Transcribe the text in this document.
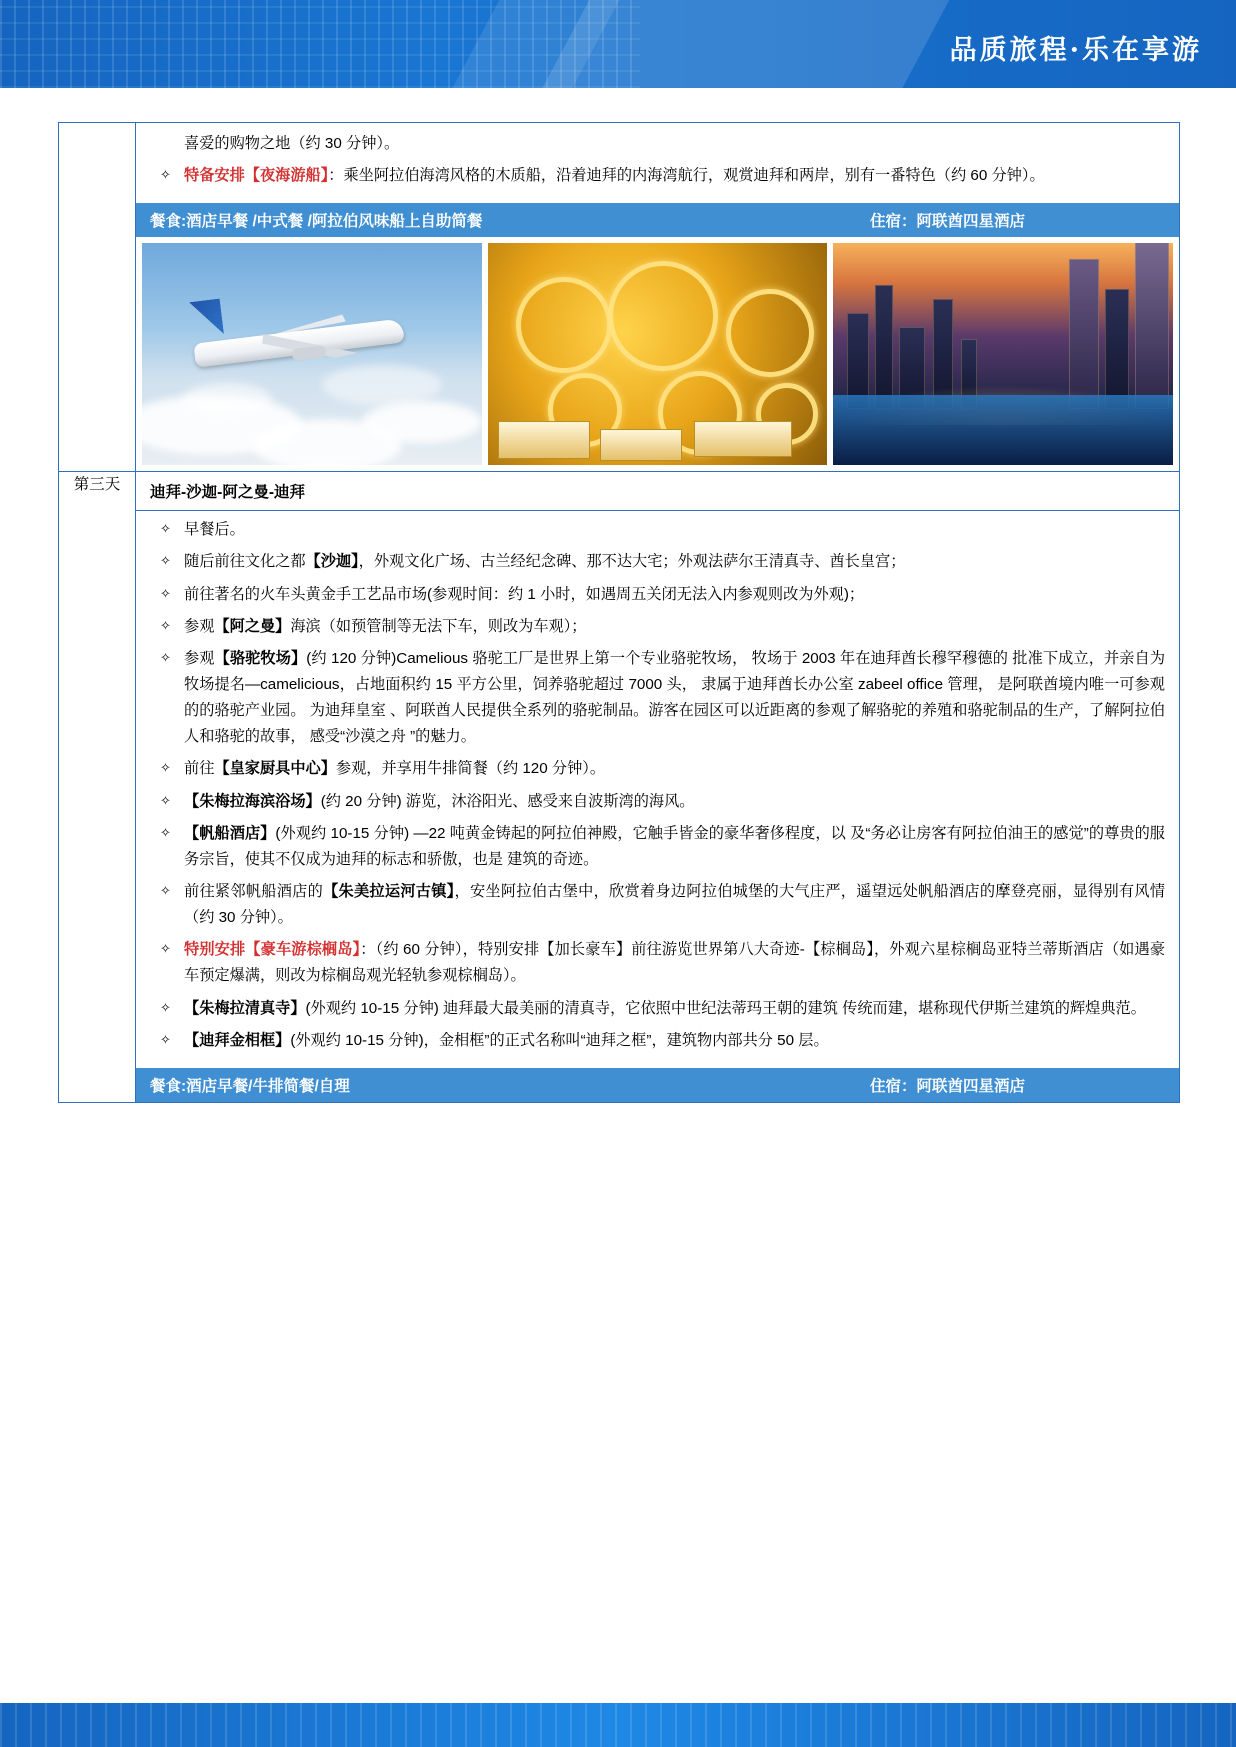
品质旅程·乐在享游

喜爱的购物之地（约 30 分钟）。
✧ 特备安排【夜海游船】：乘坐阿拉伯海湾风格的木质船，沿着迪拜的内海湾航行，观赏迪拜和两岸，别有一番特色（约 60 分钟）。
餐食:酒店早餐 /中式餐 /阿拉伯风味船上自助简餐	住宿：阿联酋四星酒店

第三天	迪拜-沙迦-阿之曼-迪拜
✧ 早餐后。
✧ 随后前往文化之都【沙迦】，外观文化广场、古兰经纪念碑、那不达大宅；外观法萨尔王清真寺、酋长皇宫；
✧ 前往著名的火车头黄金手工艺品市场(参观时间：约 1 小时，如遇周五关闭无法入内参观则改为外观)；
✧ 参观【阿之曼】海滨（如预管制等无法下车，则改为车观）；
✧ 参观【骆驼牧场】(约 120 分钟)Camelious 骆驼工厂是世界上第一个专业骆驼牧场， 牧场于 2003 年在迪拜酋长穆罕穆德的 批准下成立，并亲自为牧场提名—camelicious，占地面积约 15 平方公里，饲养骆驼超过 7000 头， 隶属于迪拜酋长办公室 zabeel office 管理， 是阿联酋境内唯一可参观的的骆驼产业园。 为迪拜皇室 、阿联酋人民提供全系列的骆驼制品。游客在园区可以近距离的参观了解骆驼的养殖和骆驼制品的生产，了解阿拉伯人和骆驼的故事， 感受“沙漠之舟 ”的魅力。
✧ 前往【皇家厨具中心】参观，并享用牛排简餐（约 120 分钟）。
✧ 【朱梅拉海滨浴场】(约 20 分钟) 游览，沐浴阳光、感受来自波斯湾的海风。
✧ 【帆船酒店】(外观约 10-15 分钟) —22 吨黄金铸起的阿拉伯神殿，它触手皆金的豪华奢侈程度，以 及“务必让房客有阿拉伯油王的感觉”的尊贵的服务宗旨，使其不仅成为迪拜的标志和骄傲，也是 建筑的奇迹。
✧ 前往紧邻帆船酒店的【朱美拉运河古镇】，安坐阿拉伯古堡中，欣赏着身边阿拉伯城堡的大气庄严，遥望远处帆船酒店的摩登亮丽，显得别有风情（约 30 分钟）。
✧ 特别安排【豪车游棕榈岛】：（约 60 分钟），特别安排【加长豪车】前往游览世界第八大奇迹-【棕榈岛】，外观六星棕榈岛亚特兰蒂斯酒店（如遇豪车预定爆满，则改为棕榈岛观光轻轨参观棕榈岛）。
✧ 【朱梅拉清真寺】(外观约 10-15 分钟) 迪拜最大最美丽的清真寺，它依照中世纪法蒂玛王朝的建筑 传统而建，堪称现代伊斯兰建筑的辉煌典范。
✧ 【迪拜金相框】(外观约 10-15 分钟)，金相框”的正式名称叫“迪拜之框”，建筑物内部共分 50 层。
餐食:酒店早餐/牛排简餐/自理	住宿：阿联酋四星酒店
